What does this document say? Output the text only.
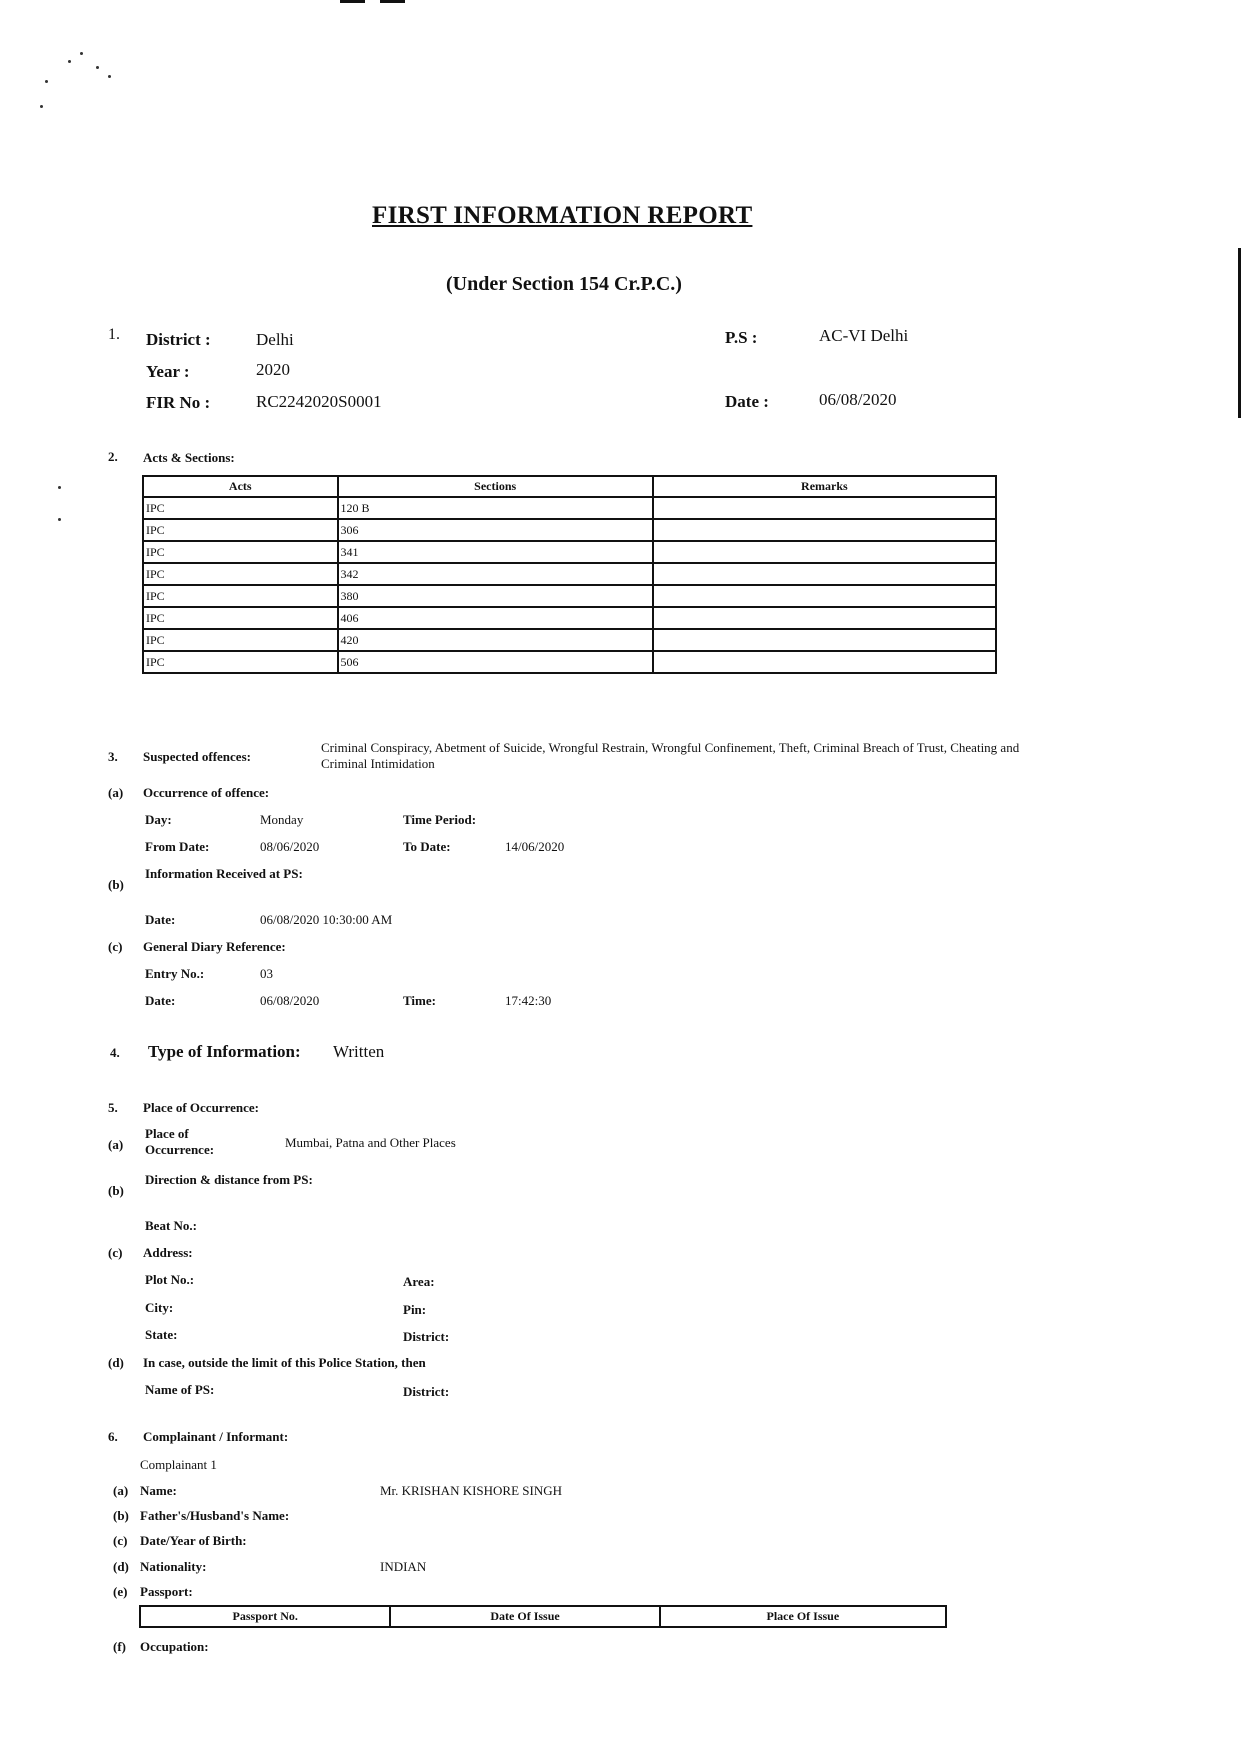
FIRST INFORMATION REPORT
(Under Section 154 Cr.P.C.)
1. District :	Delhi	P.S :	AC-VI Delhi
Year :	2020
FIR No :	RC2242020S0001	Date :	06/08/2020
2. Acts & Sections:
Acts	Sections	Remarks
IPC	120 B	
IPC	306	
IPC	341	
IPC	342	
IPC	380	
IPC	406	
IPC	420	
IPC	506	
3. Suspected offences:
Criminal Conspiracy, Abetment of Suicide, Wrongful Restrain, Wrongful Confinement, Theft, Criminal Breach of Trust, Cheating and Criminal Intimidation
(a) Occurrence of offence:
Day:	Monday	Time Period:
From Date:	08/06/2020	To Date:	14/06/2020
(b)
Information Received at PS:
Date:	06/08/2020 10:30:00 AM
(c) General Diary Reference:
Entry No.:	03
Date:	06/08/2020	Time:	17:42:30
4. Type of Information: Written
5. Place of Occurrence:
(a)
Place of Occurrence:	Mumbai, Patna and Other Places
(b)
Direction & distance from PS:
Beat No.:
(c) Address:
Plot No.:	Area:
City:	Pin:
State:	District:
(d) In case, outside the limit of this Police Station, then
Name of PS:	District:
6. Complainant / Informant:
Complainant 1
(a) Name:	Mr. KRISHAN KISHORE SINGH
(b) Father's/Husband's Name:
(c) Date/Year of Birth:
(d) Nationality:	INDIAN
(e) Passport:
Passport No.	Date Of Issue	Place Of Issue
(f) Occupation:
